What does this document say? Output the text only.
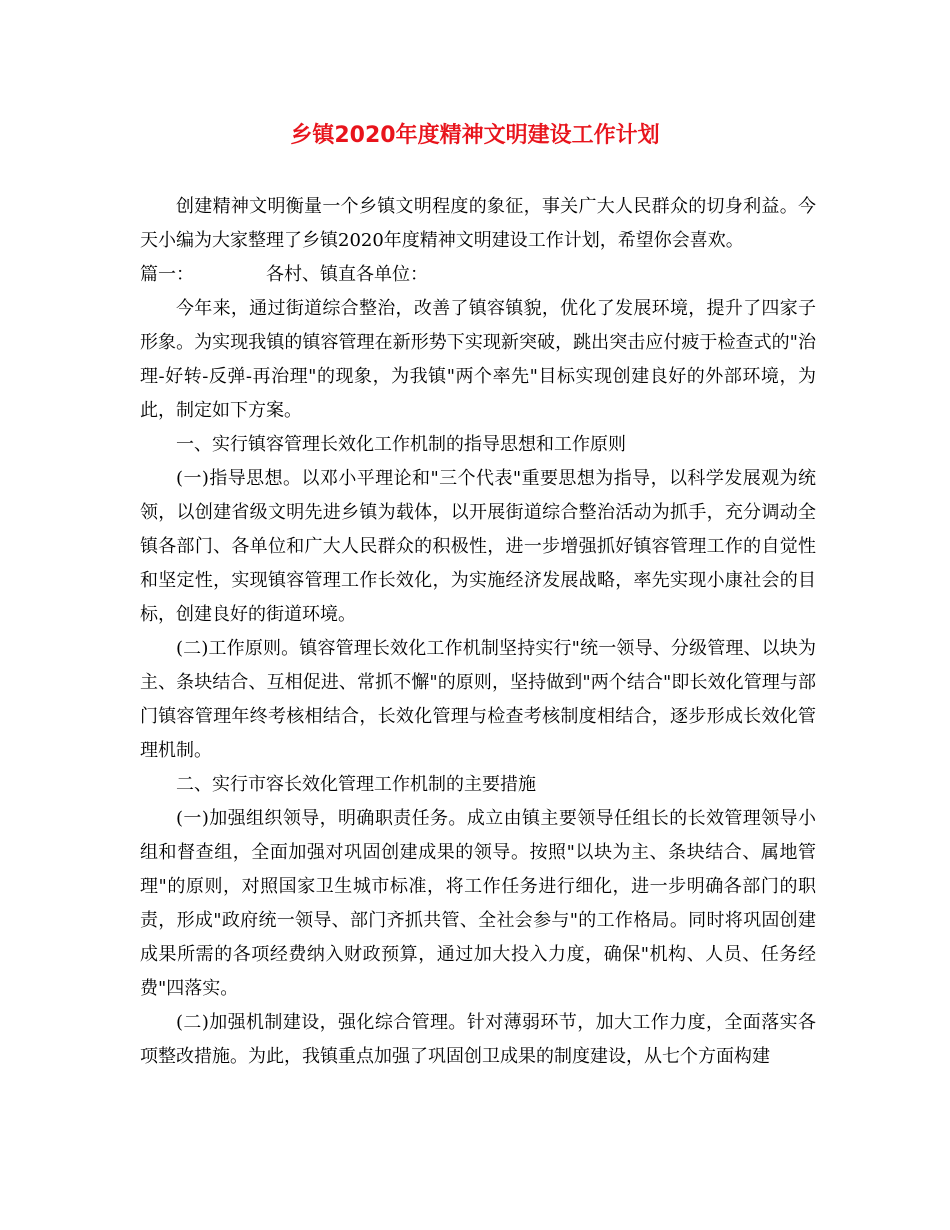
乡镇2020年度精神文明建设工作计划

创建精神文明衡量一个乡镇文明程度的象征，事关广大人民群众的切身利益。今天小编为大家整理了乡镇2020年度精神文明建设工作计划，希望你会喜欢。

篇一：	各村、镇直各单位：

今年来，通过街道综合整治，改善了镇容镇貌，优化了发展环境，提升了四家子形象。为实现我镇的镇容管理在新形势下实现新突破，跳出突击应付疲于检查式的"治理-好转-反弹-再治理"的现象，为我镇"两个率先"目标实现创建良好的外部环境，为此，制定如下方案。

一、实行镇容管理长效化工作机制的指导思想和工作原则

(一)指导思想。以邓小平理论和"三个代表"重要思想为指导，以科学发展观为统领，以创建省级文明先进乡镇为载体，以开展街道综合整治活动为抓手，充分调动全镇各部门、各单位和广大人民群众的积极性，进一步增强抓好镇容管理工作的自觉性和坚定性，实现镇容管理工作长效化，为实施经济发展战略，率先实现小康社会的目标，创建良好的街道环境。

(二)工作原则。镇容管理长效化工作机制坚持实行"统一领导、分级管理、以块为主、条块结合、互相促进、常抓不懈"的原则，坚持做到"两个结合"即长效化管理与部门镇容管理年终考核相结合，长效化管理与检查考核制度相结合，逐步形成长效化管理机制。

二、实行市容长效化管理工作机制的主要措施

(一)加强组织领导，明确职责任务。成立由镇主要领导任组长的长效管理领导小组和督查组，全面加强对巩固创建成果的领导。按照"以块为主、条块结合、属地管理"的原则，对照国家卫生城市标准，将工作任务进行细化，进一步明确各部门的职责，形成"政府统一领导、部门齐抓共管、全社会参与"的工作格局。同时将巩固创建成果所需的各项经费纳入财政预算，通过加大投入力度，确保"机构、人员、任务经费"四落实。

(二)加强机制建设，强化综合管理。针对薄弱环节，加大工作力度，全面落实各项整改措施。为此，我镇重点加强了巩固创卫成果的制度建设，从七个方面构建
